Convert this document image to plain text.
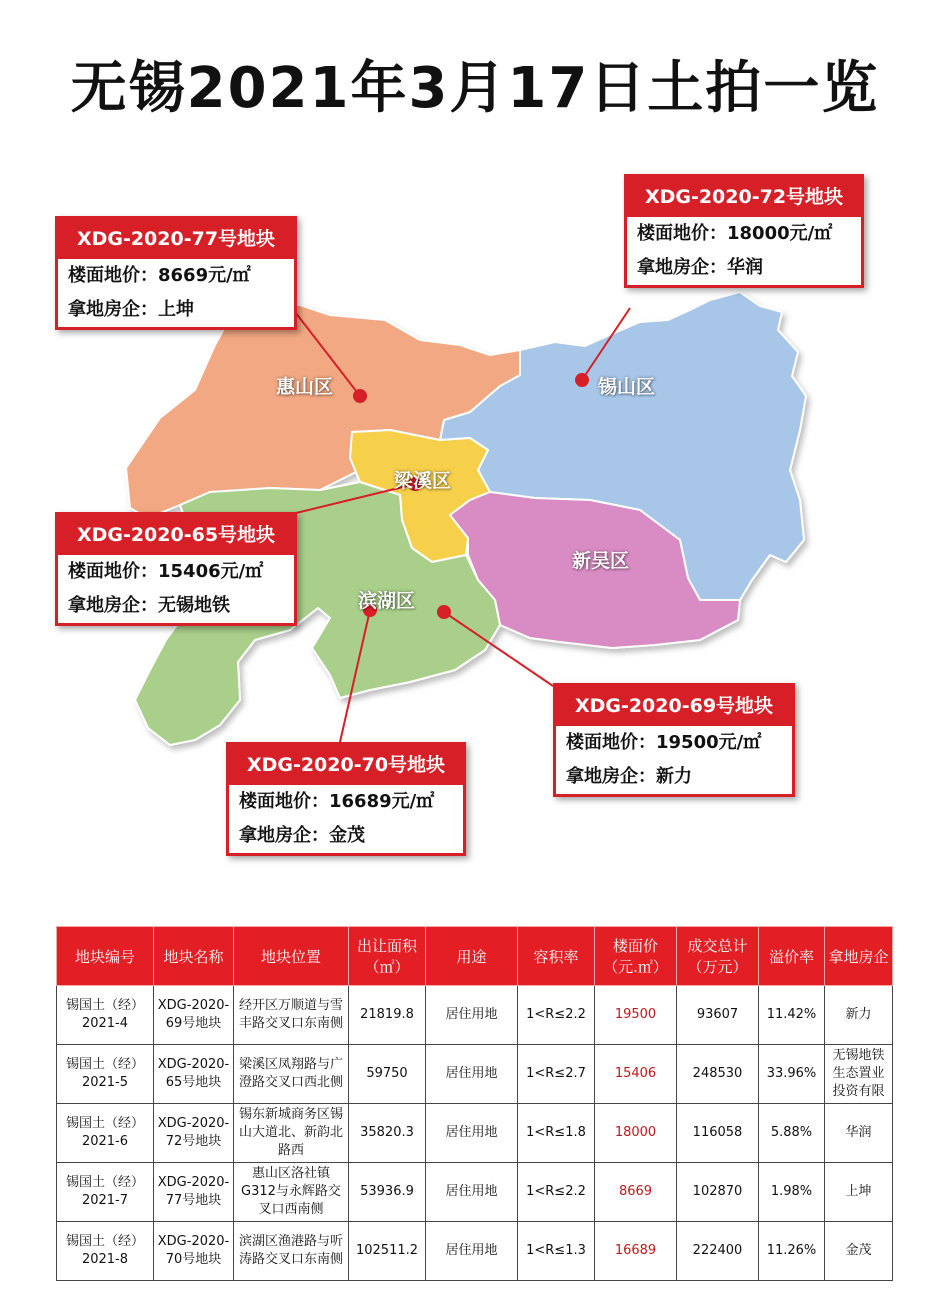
无锡2021年3月17日土拍一览
惠山区	锡山区
梁溪区
新吴区
滨湖区
XDG-2020-77号地块
楼面地价：8669元/㎡
拿地房企：上坤
XDG-2020-72号地块
楼面地价：18000元/㎡
拿地房企：华润
XDG-2020-65号地块
楼面地价：15406元/㎡
拿地房企：无锡地铁
XDG-2020-69号地块
楼面地价：19500元/㎡
拿地房企：新力
XDG-2020-70号地块
楼面地价：16689元/㎡
拿地房企：金茂
地块编号	地块名称	地块位置	出让面积（㎡）	用途	容积率	楼面价（元.㎡）	成交总计（万元）	溢价率	拿地房企
锡国土（经）2021-4	XDG-2020-69号地块	经开区万顺道与雪丰路交叉口东南侧	21819.8	居住用地	1<R≤2.2	19500	93607	11.42%	新力
锡国土（经）2021-5	XDG-2020-65号地块	梁溪区凤翔路与广澄路交叉口西北侧	59750	居住用地	1<R≤2.7	15406	248530	33.96%	无锡地铁生态置业投资有限
锡国土（经）2021-6	XDG-2020-72号地块	锡东新城商务区锡山大道北、新韵北路西	35820.3	居住用地	1<R≤1.8	18000	116058	5.88%	华润
锡国土（经）2021-7	XDG-2020-77号地块	惠山区洛社镇G312与永辉路交叉口西南侧	53936.9	居住用地	1<R≤2.2	8669	102870	1.98%	上坤
锡国土（经）2021-8	XDG-2020-70号地块	滨湖区渔港路与听涛路交叉口东南侧	102511.2	居住用地	1<R≤1.3	16689	222400	11.26%	金茂
